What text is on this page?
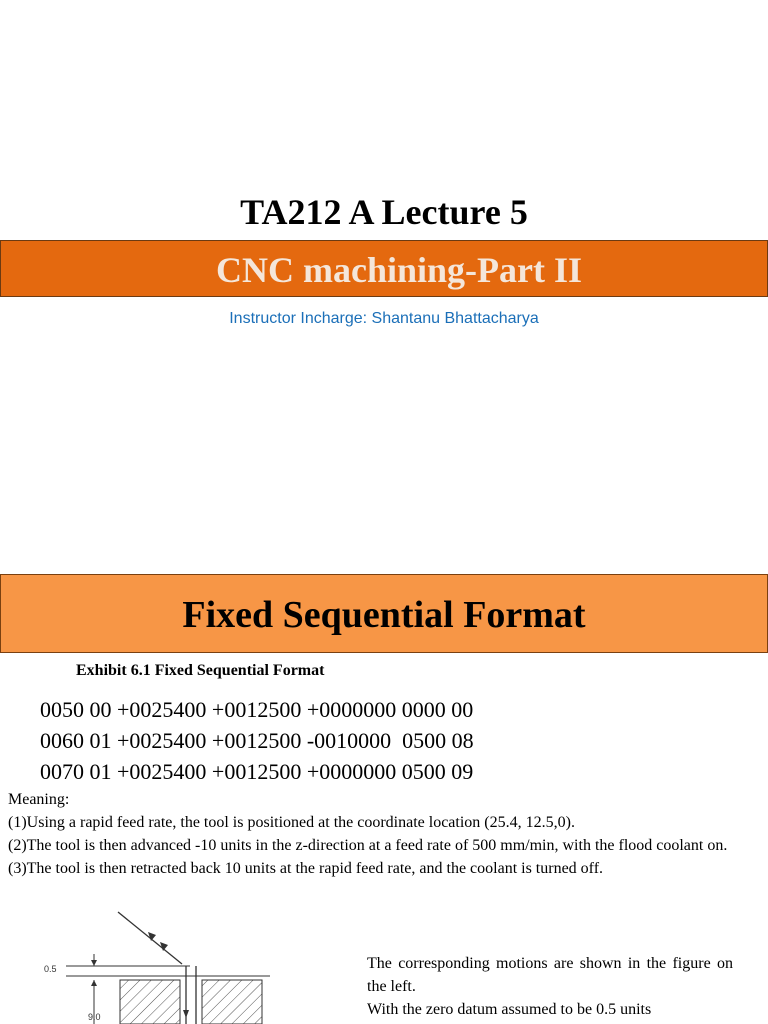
TA212 A Lecture 5
CNC machining-Part II
Instructor Incharge: Shantanu Bhattacharya
Fixed Sequential Format
Exhibit 6.1 Fixed Sequential Format
0050 00 +0025400 +0012500 +0000000 0000 00
0060 01 +0025400 +0012500 -0010000  0500 08
0070 01 +0025400 +0012500 +0000000 0500 09

Meaning:

(1)Using a rapid feed rate, the tool is positioned at the coordinate location (25.4, 12.5,0).

(2)The tool is then advanced -10 units in the z-direction at a feed rate of 500 mm/min, with the flood coolant on.

(3)The tool is then retracted back 10 units at the rapid feed rate, and the coolant is turned off.

0.5
9.0

The corresponding motions are shown in the figure on the left.

With the zero datum assumed to be 0.5 units
